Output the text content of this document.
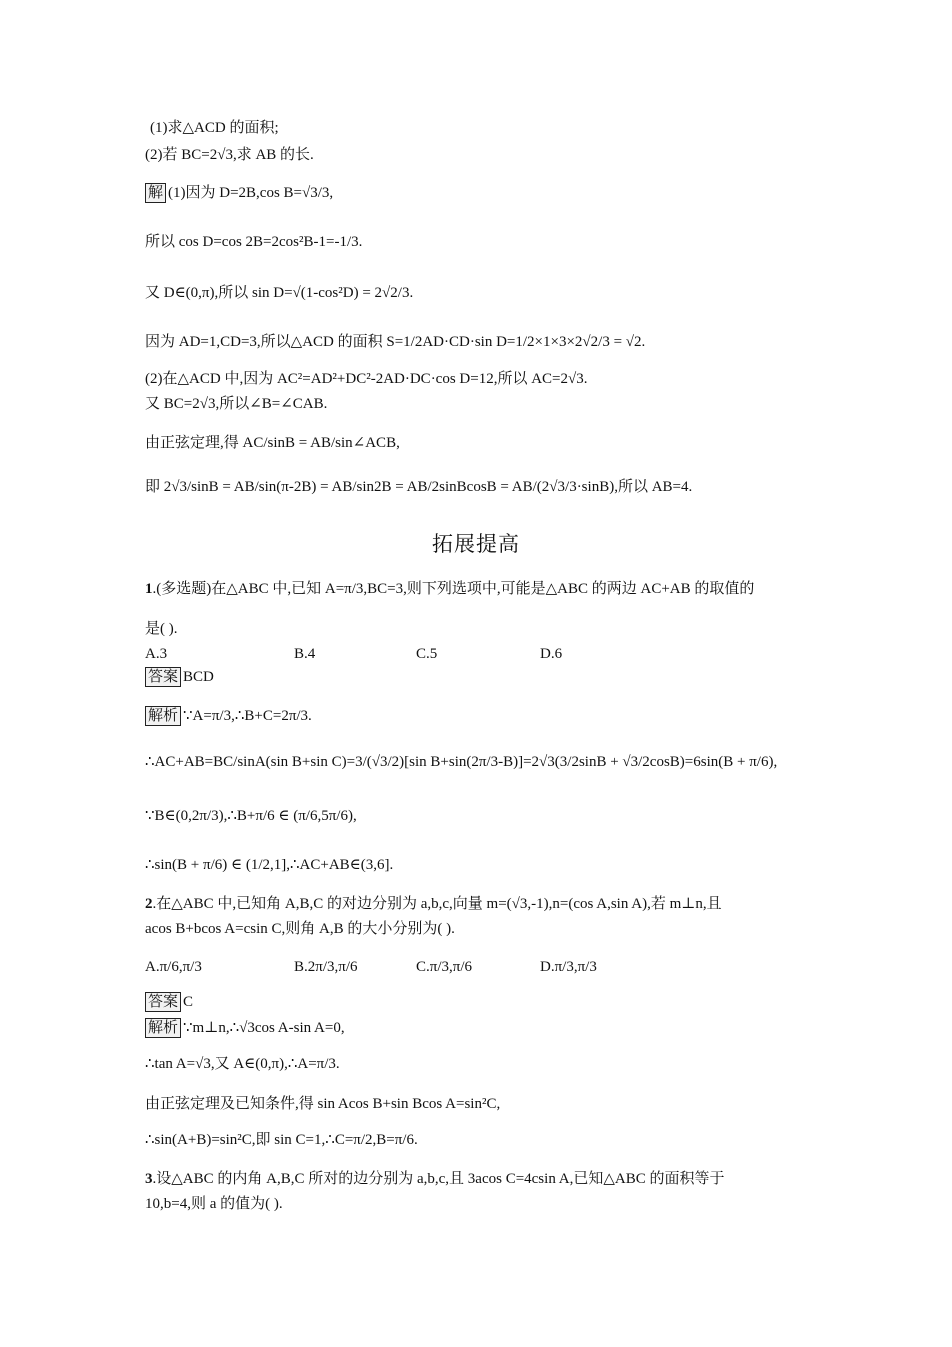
(1)求△ACD 的面积;
(2)若 BC=2√3,求 AB 的长.
解 (1)因为 D=2B,cos B=√3/3,
所以 cos D=cos 2B=2cos²B-1=-1/3.
又 D∈(0,π),所以 sin D=√(1-cos²D) = 2√2/3.
因为 AD=1,CD=3,所以△ACD 的面积 S=1/2AD·CD·sin D=1/2×1×3×2√2/3 = √2.
(2)在△ACD 中,因为 AC²=AD²+DC²-2AD·DC·cos D=12,所以 AC=2√3.
又 BC=2√3,所以∠B=∠CAB.
由正弦定理,得 AC/sinB = AB/sin∠ACB,
即 2√3/sinB = AB/sin(π-2B) = AB/sin2B = AB/2sinBcosB = AB/(2√3/3·sinB),所以 AB=4.
拓展提高
1.(多选题)在△ABC 中,已知 A=π/3,BC=3,则下列选项中,可能是△ABC 的两边 AC+AB 的取值的
是( ).
A.3	B.4	C.5	D.6
答案 BCD
解析 ∵A=π/3,∴B+C=2π/3.
∴AC+AB=BC/sinA(sin B+sin C)=3/(√3/2)[sin B+sin(2π/3-B)]=2√3(3/2sinB + √3/2cosB)=6sin(B + π/6),
∵B∈(0,2π/3),∴B+π/6 ∈ (π/6,5π/6),
∴sin(B + π/6) ∈ (1/2,1],∴AC+AB∈(3,6].
2.在△ABC 中,已知角 A,B,C 的对边分别为 a,b,c,向量 m=(√3,-1),n=(cos A,sin A),若 m⊥n,且
acos B+bcos A=csin C,则角 A,B 的大小分别为( ).
A.π/6,π/3	B.2π/3,π/6	C.π/3,π/6	D.π/3,π/3
答案 C
解析 ∵m⊥n,∴√3cos A-sin A=0,
∴tan A=√3,又 A∈(0,π),∴A=π/3.
由正弦定理及已知条件,得 sin Acos B+sin Bcos A=sin²C,
∴sin(A+B)=sin²C,即 sin C=1,∴C=π/2,B=π/6.
3.设△ABC 的内角 A,B,C 所对的边分别为 a,b,c,且 3acos C=4csin A,已知△ABC 的面积等于
10,b=4,则 a 的值为( ).
